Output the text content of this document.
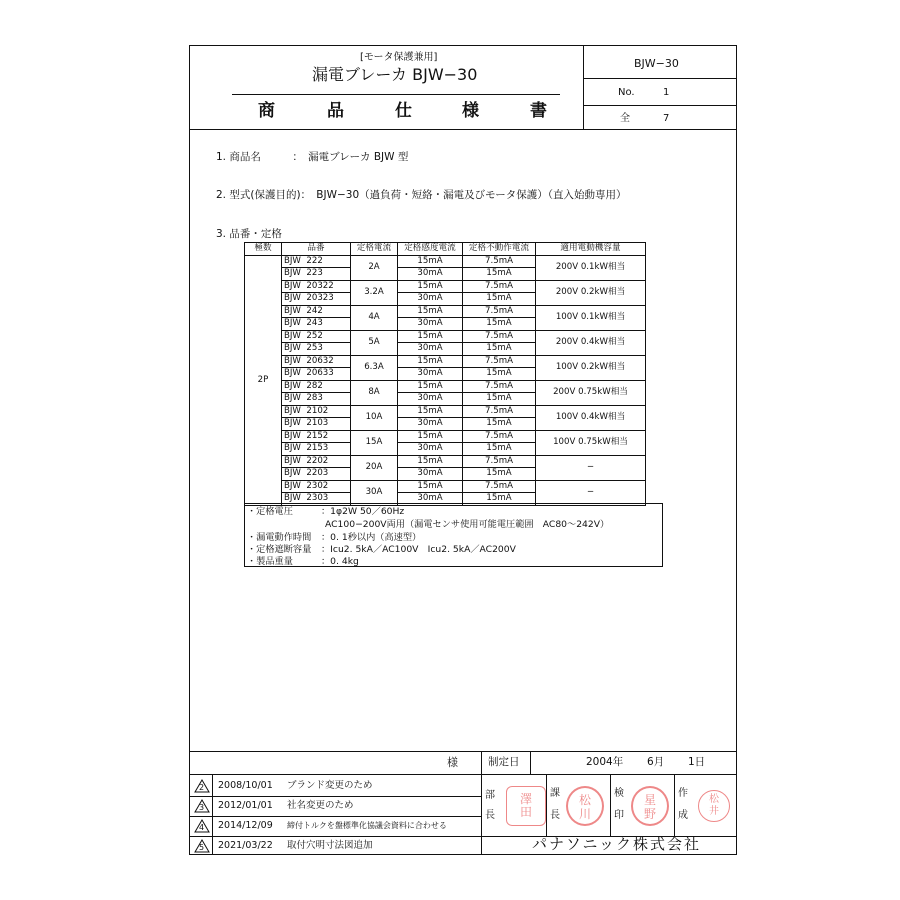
[モータ保護兼用]
漏電ブレーカ BJW−30
商	品	仕	様	書
BJW−30
No.	1
全	7
1. 商品名　　　：　漏電ブレーカ BJW 型
2. 型式(保護目的)：　BJW−30（過負荷・短絡・漏電及びモータ保護）（直入始動専用）
3. 品番・定格
極数	品番	定格電流	定格感度電流	定格不動作電流	適用電動機容量
2P	BJW  222	2A	15mA	7.5mA	200V 0.1kW相当
	BJW  223		30mA	15mA	
	BJW  20322	3.2A	15mA	7.5mA	200V 0.2kW相当
	BJW  20323		30mA	15mA	
	BJW  242	4A	15mA	7.5mA	100V 0.1kW相当
	BJW  243		30mA	15mA	
	BJW  252	5A	15mA	7.5mA	200V 0.4kW相当
	BJW  253		30mA	15mA	
	BJW  20632	6.3A	15mA	7.5mA	100V 0.2kW相当
	BJW  20633		30mA	15mA	
	BJW  282	8A	15mA	7.5mA	200V 0.75kW相当
	BJW  283		30mA	15mA	
	BJW  2102	10A	15mA	7.5mA	100V 0.4kW相当
	BJW  2103		30mA	15mA	
	BJW  2152	15A	15mA	7.5mA	100V 0.75kW相当
	BJW  2153		30mA	15mA	
	BJW  2202	20A	15mA	7.5mA	−
	BJW  2203		30mA	15mA	
	BJW  2302	30A	15mA	7.5mA	−
	BJW  2303		30mA	15mA	
・定格電圧	：1φ2W 50／60Hz
AC100−200V両用（漏電センサ使用可能電圧範囲　AC80〜242V）
・漏電動作時間 ：0. 1秒以内（高速型）
・定格遮断容量 ：Icu2. 5kA／AC100V　Icu2. 5kA／AC200V
・製品重量	：0. 4kg
様	制定日	2004年 6月 1日
2 2008/10/01 ブランド変更のため
3 2012/01/01 社名変更のため
4 2014/12/09 締付トルクを盤標準化協議会資料に合わせる
5 2021/03/22 取付穴明寸法図追加
部
長
課
長
検
印
作
成
澤
田
松
川
星
野
松
井
パナソニック株式会社
